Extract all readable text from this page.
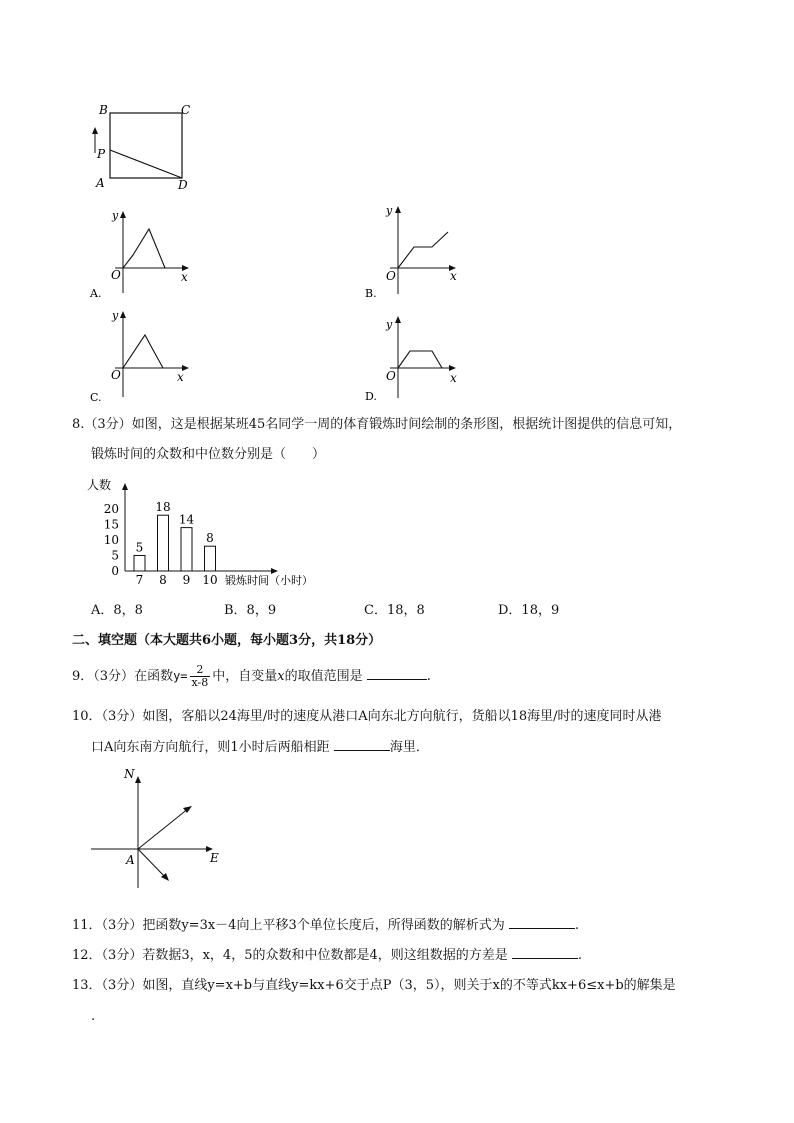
B	C
P
A	D
y
O	x
A.
y
O	x
B.
y
O	x
C.
y
O	x
D.
8.（3分）如图，这是根据某班45名同学一周的体育锻炼时间绘制的条形图，根据统计图提供的信息可知，
锻炼时间的众数和中位数分别是（　　）
人数
锻炼时间（小时）
0
5
10
15
20
5
7
18
8
14
9
8
10
A．8，8	B．8，9	C．18，8	D．18，9
二、填空题（本大题共6小题，每小题3分，共18分）
9．（3分）在函数$y= \frac{2}{x-8}$ 中，自变量x的取值范围是	.
10．（3分）如图，客船以24海里/时的速度从港口A向东北方向航行，货船以18海里/时的速度同时从港
口A向东南方向航行，则1小时后两船相距	海里．
N
E
A
11．（3分）把函数y=3x－4向上平移3个单位长度后，所得函数的解析式为	.
12．（3分）若数据3，x，4，5的众数和中位数都是4，则这组数据的方差是	.
13．（3分）如图，直线y=x+b与直线y=kx+6交于点P（3，5），则关于x的不等式kx+6≤x+b的解集是
.
